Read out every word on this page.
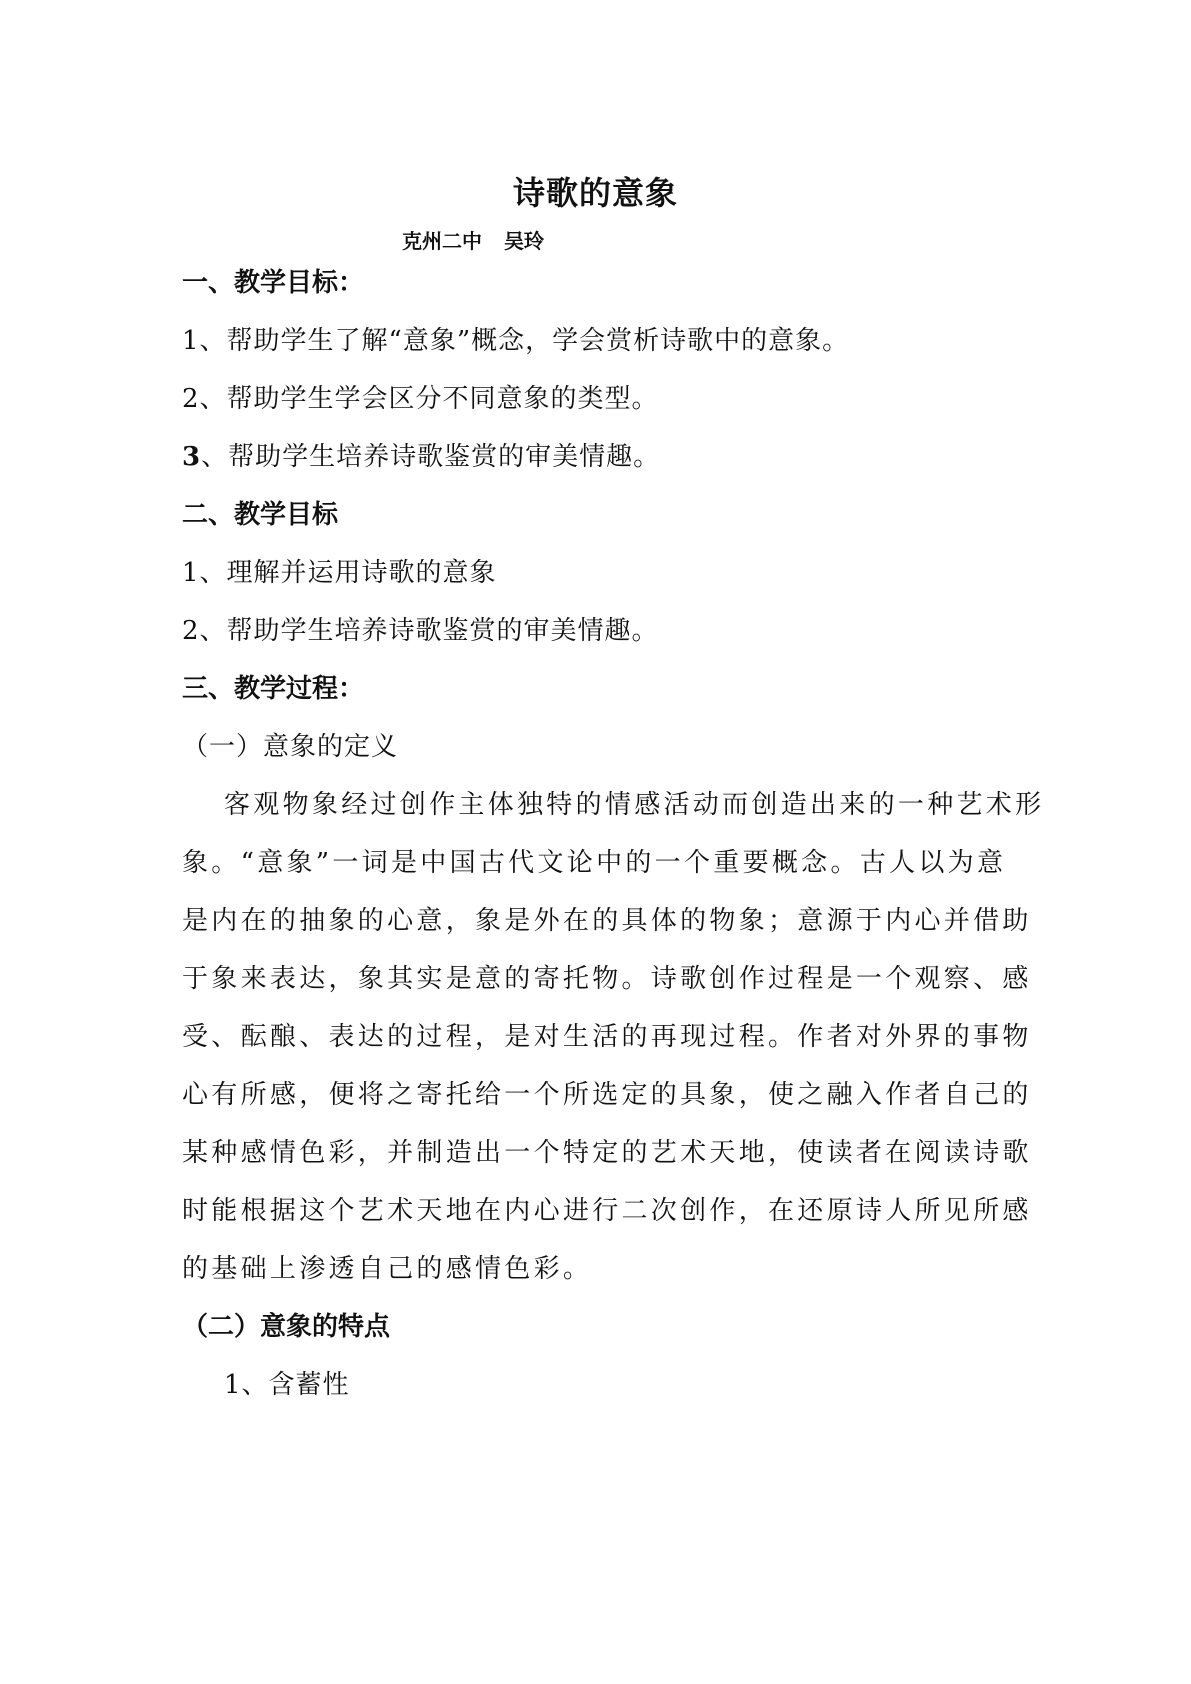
诗歌的意象
克州二中 吴玲
一、教学目标：

1、帮助学生了解“意象”概念，学会赏析诗歌中的意象。

2、帮助学生学会区分不同意象的类型。

3、帮助学生培养诗歌鉴赏的审美情趣。

二、教学目标

1、理解并运用诗歌的意象

2、帮助学生培养诗歌鉴赏的审美情趣。

三、教学过程：

（一）意象的定义

客观物象经过创作主体独特的情感活动而创造出来的一种艺术形

象。“意象”一词是中国古代文论中的一个重要概念。古人以为意

是内在的抽象的心意，象是外在的具体的物象；意源于内心并借助

于象来表达，象其实是意的寄托物。诗歌创作过程是一个观察、感

受、酝酿、表达的过程，是对生活的再现过程。作者对外界的事物

心有所感，便将之寄托给一个所选定的具象，使之融入作者自己的

某种感情色彩，并制造出一个特定的艺术天地，使读者在阅读诗歌

时能根据这个艺术天地在内心进行二次创作，在还原诗人所见所感

的基础上渗透自己的感情色彩。

（二）意象的特点

1、含蓄性
